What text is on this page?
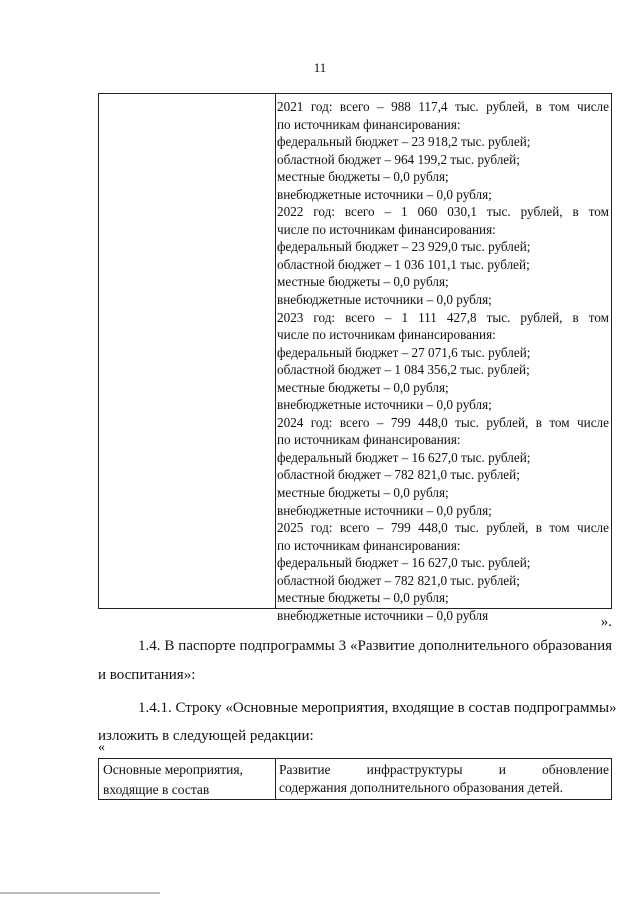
11
2021 год: всего – 988 117,4 тыс. рублей, в том числе
по источникам финансирования:
федеральный бюджет – 23 918,2 тыс. рублей;
областной бюджет – 964 199,2 тыс. рублей;
местные бюджеты – 0,0 рубля;
внебюджетные источники – 0,0 рубля;
2022 год: всего – 1 060 030,1 тыс. рублей, в том
числе по источникам финансирования:
федеральный бюджет – 23 929,0 тыс. рублей;
областной бюджет – 1 036 101,1 тыс. рублей;
местные бюджеты – 0,0 рубля;
внебюджетные источники – 0,0 рубля;
2023 год: всего – 1 111 427,8 тыс. рублей, в том
числе по источникам финансирования:
федеральный бюджет – 27 071,6 тыс. рублей;
областной бюджет – 1 084 356,2 тыс. рублей;
местные бюджеты – 0,0 рубля;
внебюджетные источники – 0,0 рубля;
2024 год: всего – 799 448,0 тыс. рублей, в том числе
по источникам финансирования:
федеральный бюджет – 16 627,0 тыс. рублей;
областной бюджет – 782 821,0 тыс. рублей;
местные бюджеты – 0,0 рубля;
внебюджетные источники – 0,0 рубля;
2025 год: всего – 799 448,0 тыс. рублей, в том числе
по источникам финансирования:
федеральный бюджет – 16 627,0 тыс. рублей;
областной бюджет – 782 821,0 тыс. рублей;
местные бюджеты – 0,0 рубля;
внебюджетные источники – 0,0 рубля	».
1.4. В паспорте подпрограммы 3 «Развитие дополнительного образования
и воспитания»:
1.4.1. Строку «Основные мероприятия, входящие в состав подпрограммы»
изложить в следующей редакции:
«
Основные мероприятия,
входящие в состав
Развитие инфраструктуры и обновление
содержания дополнительного образования детей.
